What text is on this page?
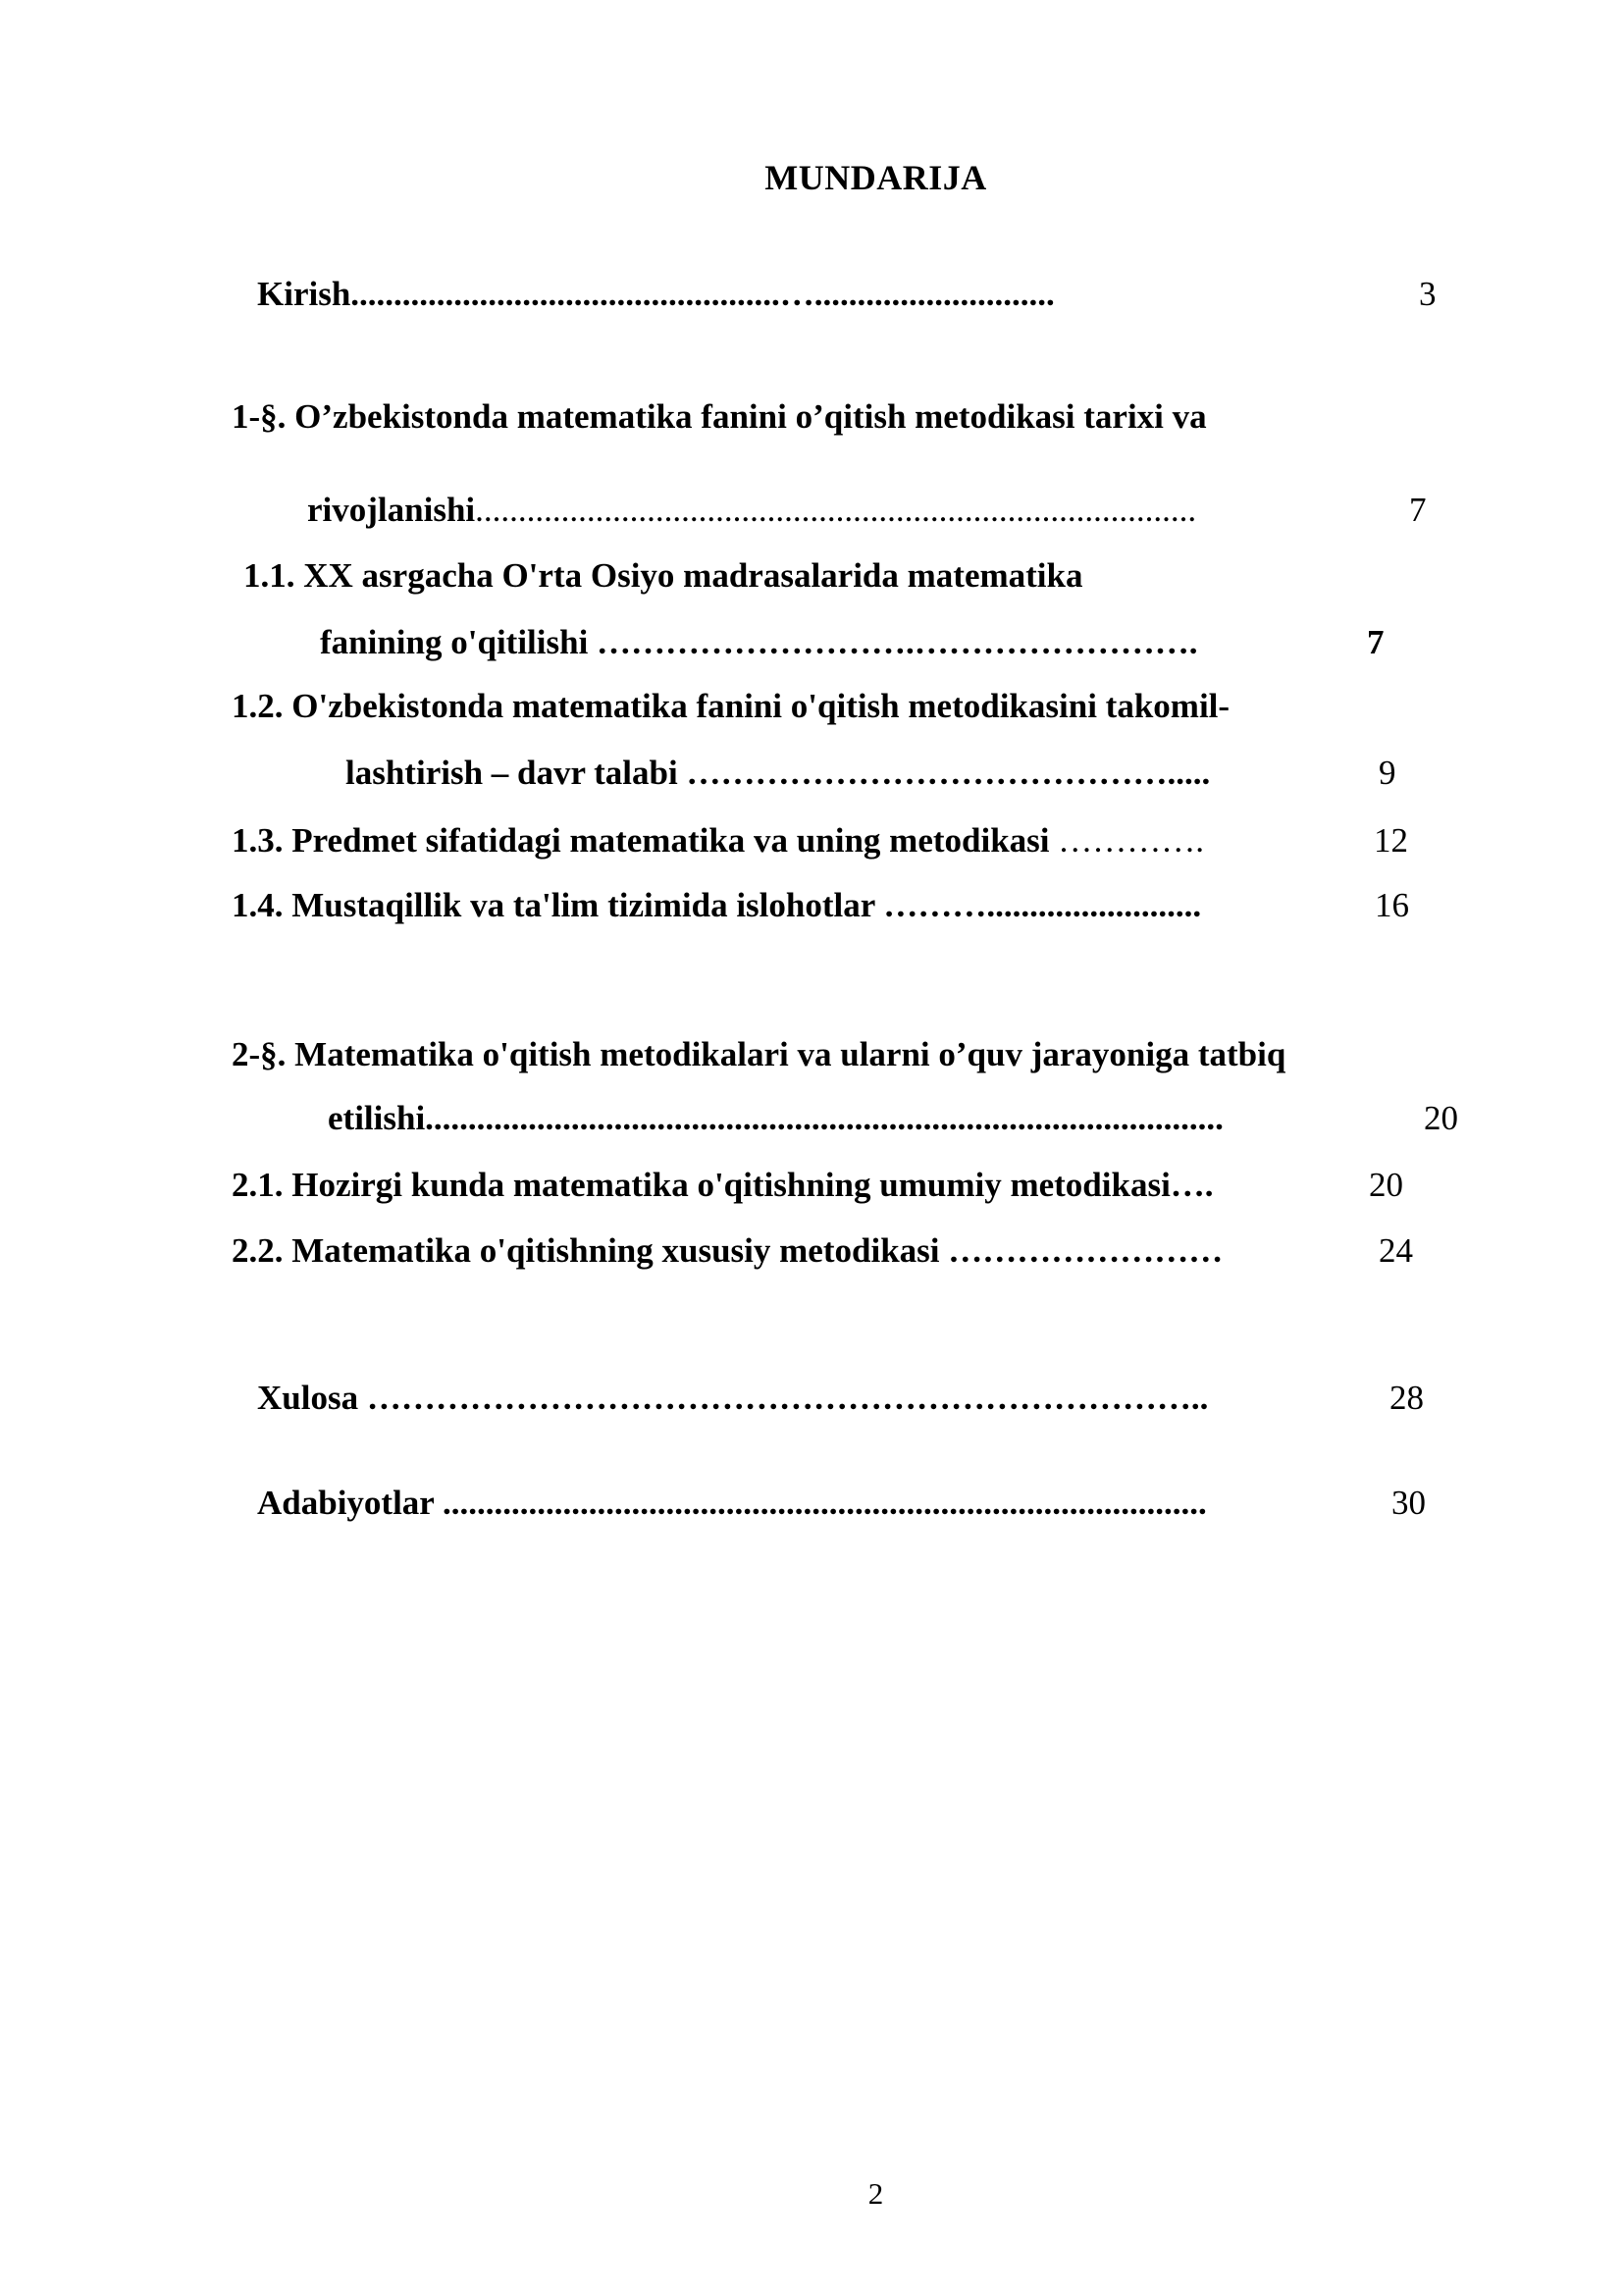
MUNDARIJA
Kirish..................................................…............................	3
1-§. O’zbekistonda matematika fanini o’qitish metodikasi tarixi va
rivojlanishi....................................................................................	7
1.1. XX asrgacha O'rta Osiyo madrasalarida matematika
fanining o'qitilishi ……………………….…………………….	7
1.2. O'zbekistonda matematika fanini o'qitish metodikasini takomil-
lashtirish – davr talabi …………………………………….....	9
1.3. Predmet sifatidagi matematika va uning metodikasi ………….	12
1.4. Mustaqillik va ta'lim tizimida islohotlar ……….........................	16
2-§. Matematika o'qitish metodikalari va ularni o’quv jarayoniga tatbiq
etilishi.............................................................................................	20
2.1. Hozirgi kunda matematika o'qitishning umumiy metodikasi….	20
2.2. Matematika o'qitishning xususiy metodikasi ……………………	24
Xulosa ………………………………………………………………..	28
Adabiyotlar .........................................................................................	30
2
